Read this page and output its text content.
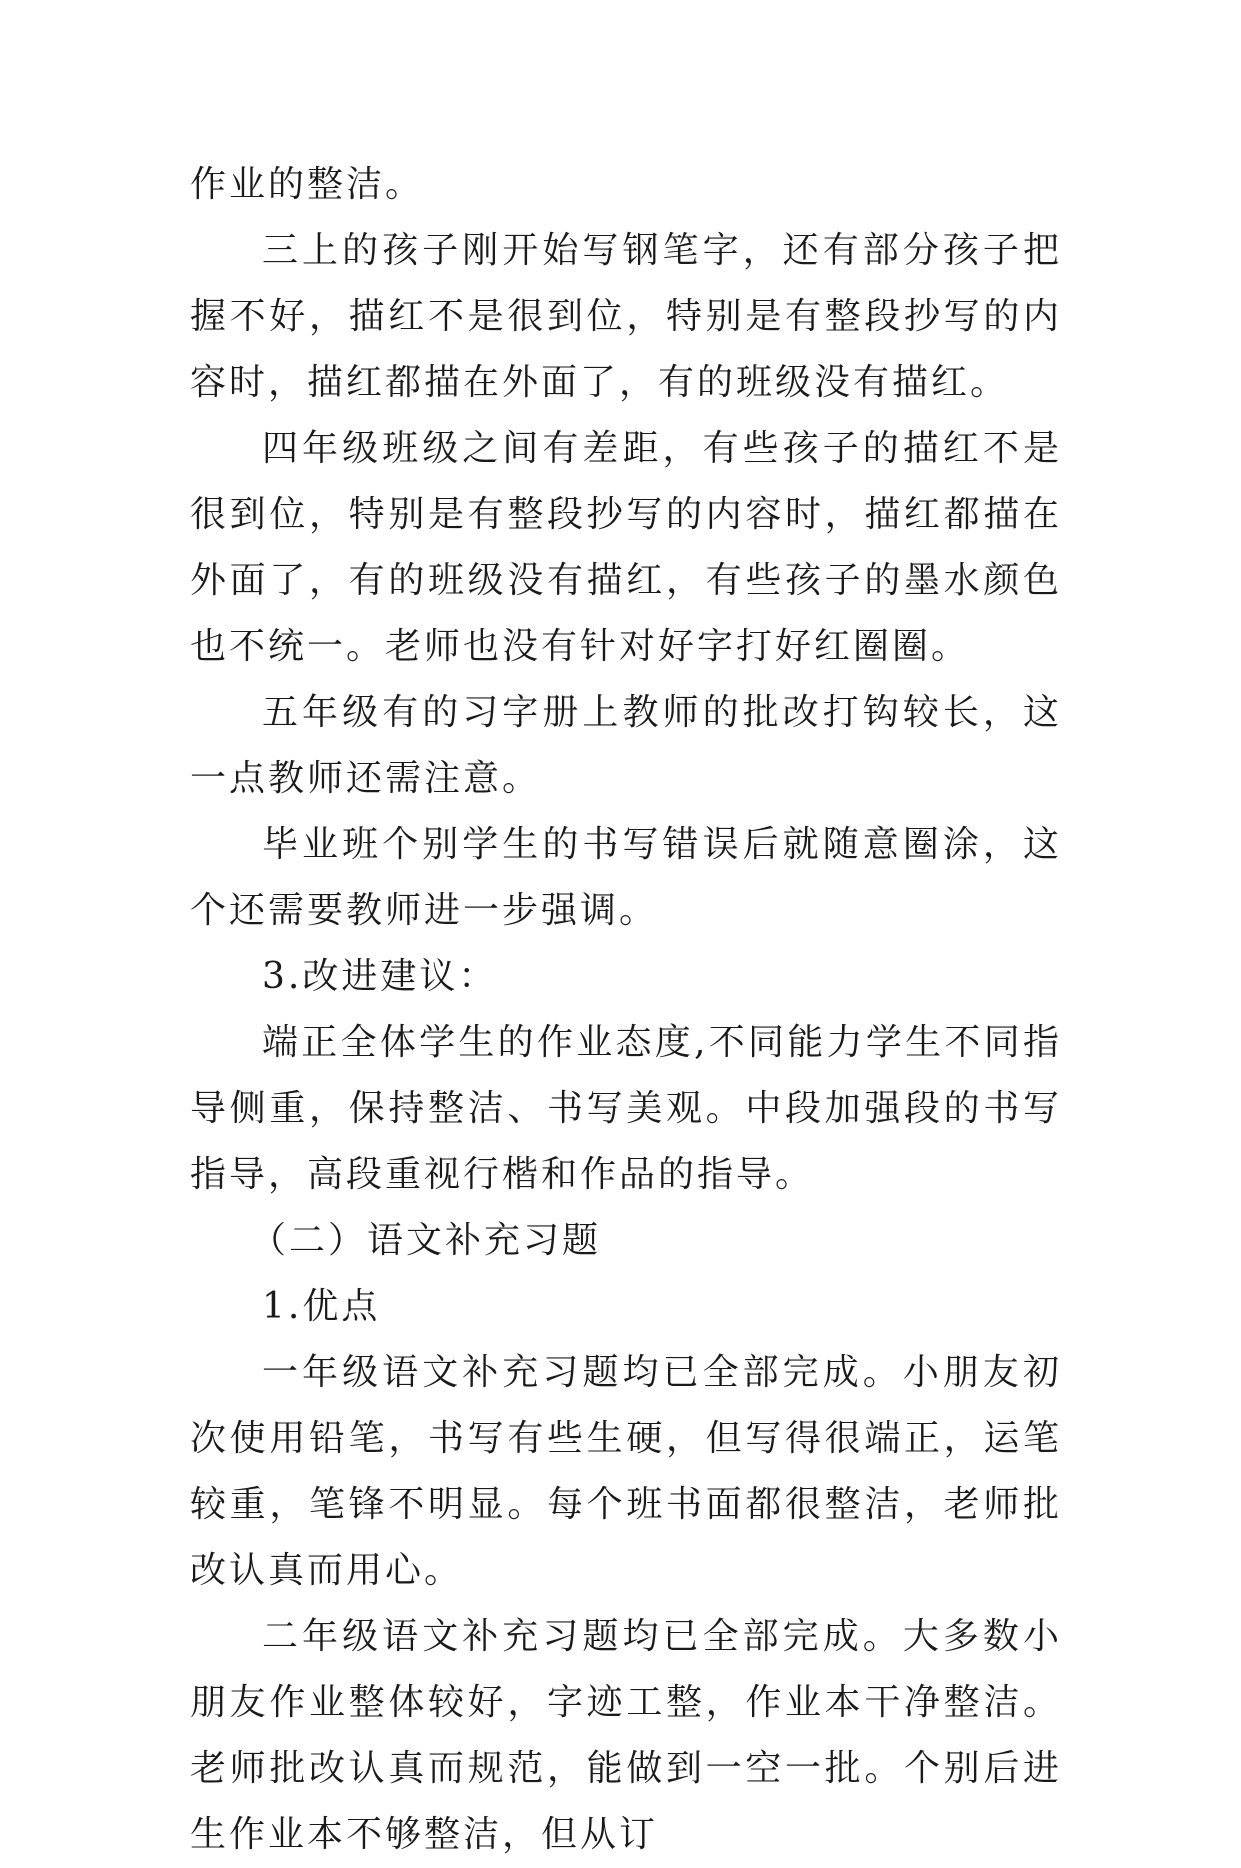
作业的整洁。

三上的孩子刚开始写钢笔字，还有部分孩子把握不好，描红不是很到位，特别是有整段抄写的内容时，描红都描在外面了，有的班级没有描红。

四年级班级之间有差距，有些孩子的描红不是很到位，特别是有整段抄写的内容时，描红都描在外面了，有的班级没有描红，有些孩子的墨水颜色也不统一。老师也没有针对好字打好红圈圈。

五年级有的习字册上教师的批改打钩较长，这一点教师还需注意。

毕业班个别学生的书写错误后就随意圈涂，这个还需要教师进一步强调。

3.改进建议：

端正全体学生的作业态度,不同能力学生不同指导侧重，保持整洁、书写美观。中段加强段的书写指导，高段重视行楷和作品的指导。

（二）语文补充习题

1.优点

一年级语文补充习题均已全部完成。小朋友初次使用铅笔，书写有些生硬，但写得很端正，运笔较重，笔锋不明显。每个班书面都很整洁，老师批改认真而用心。

二年级语文补充习题均已全部完成。大多数小朋友作业整体较好，字迹工整，作业本干净整洁。老师批改认真而规范，能做到一空一批。个别后进生作业本不够整洁，但从订
